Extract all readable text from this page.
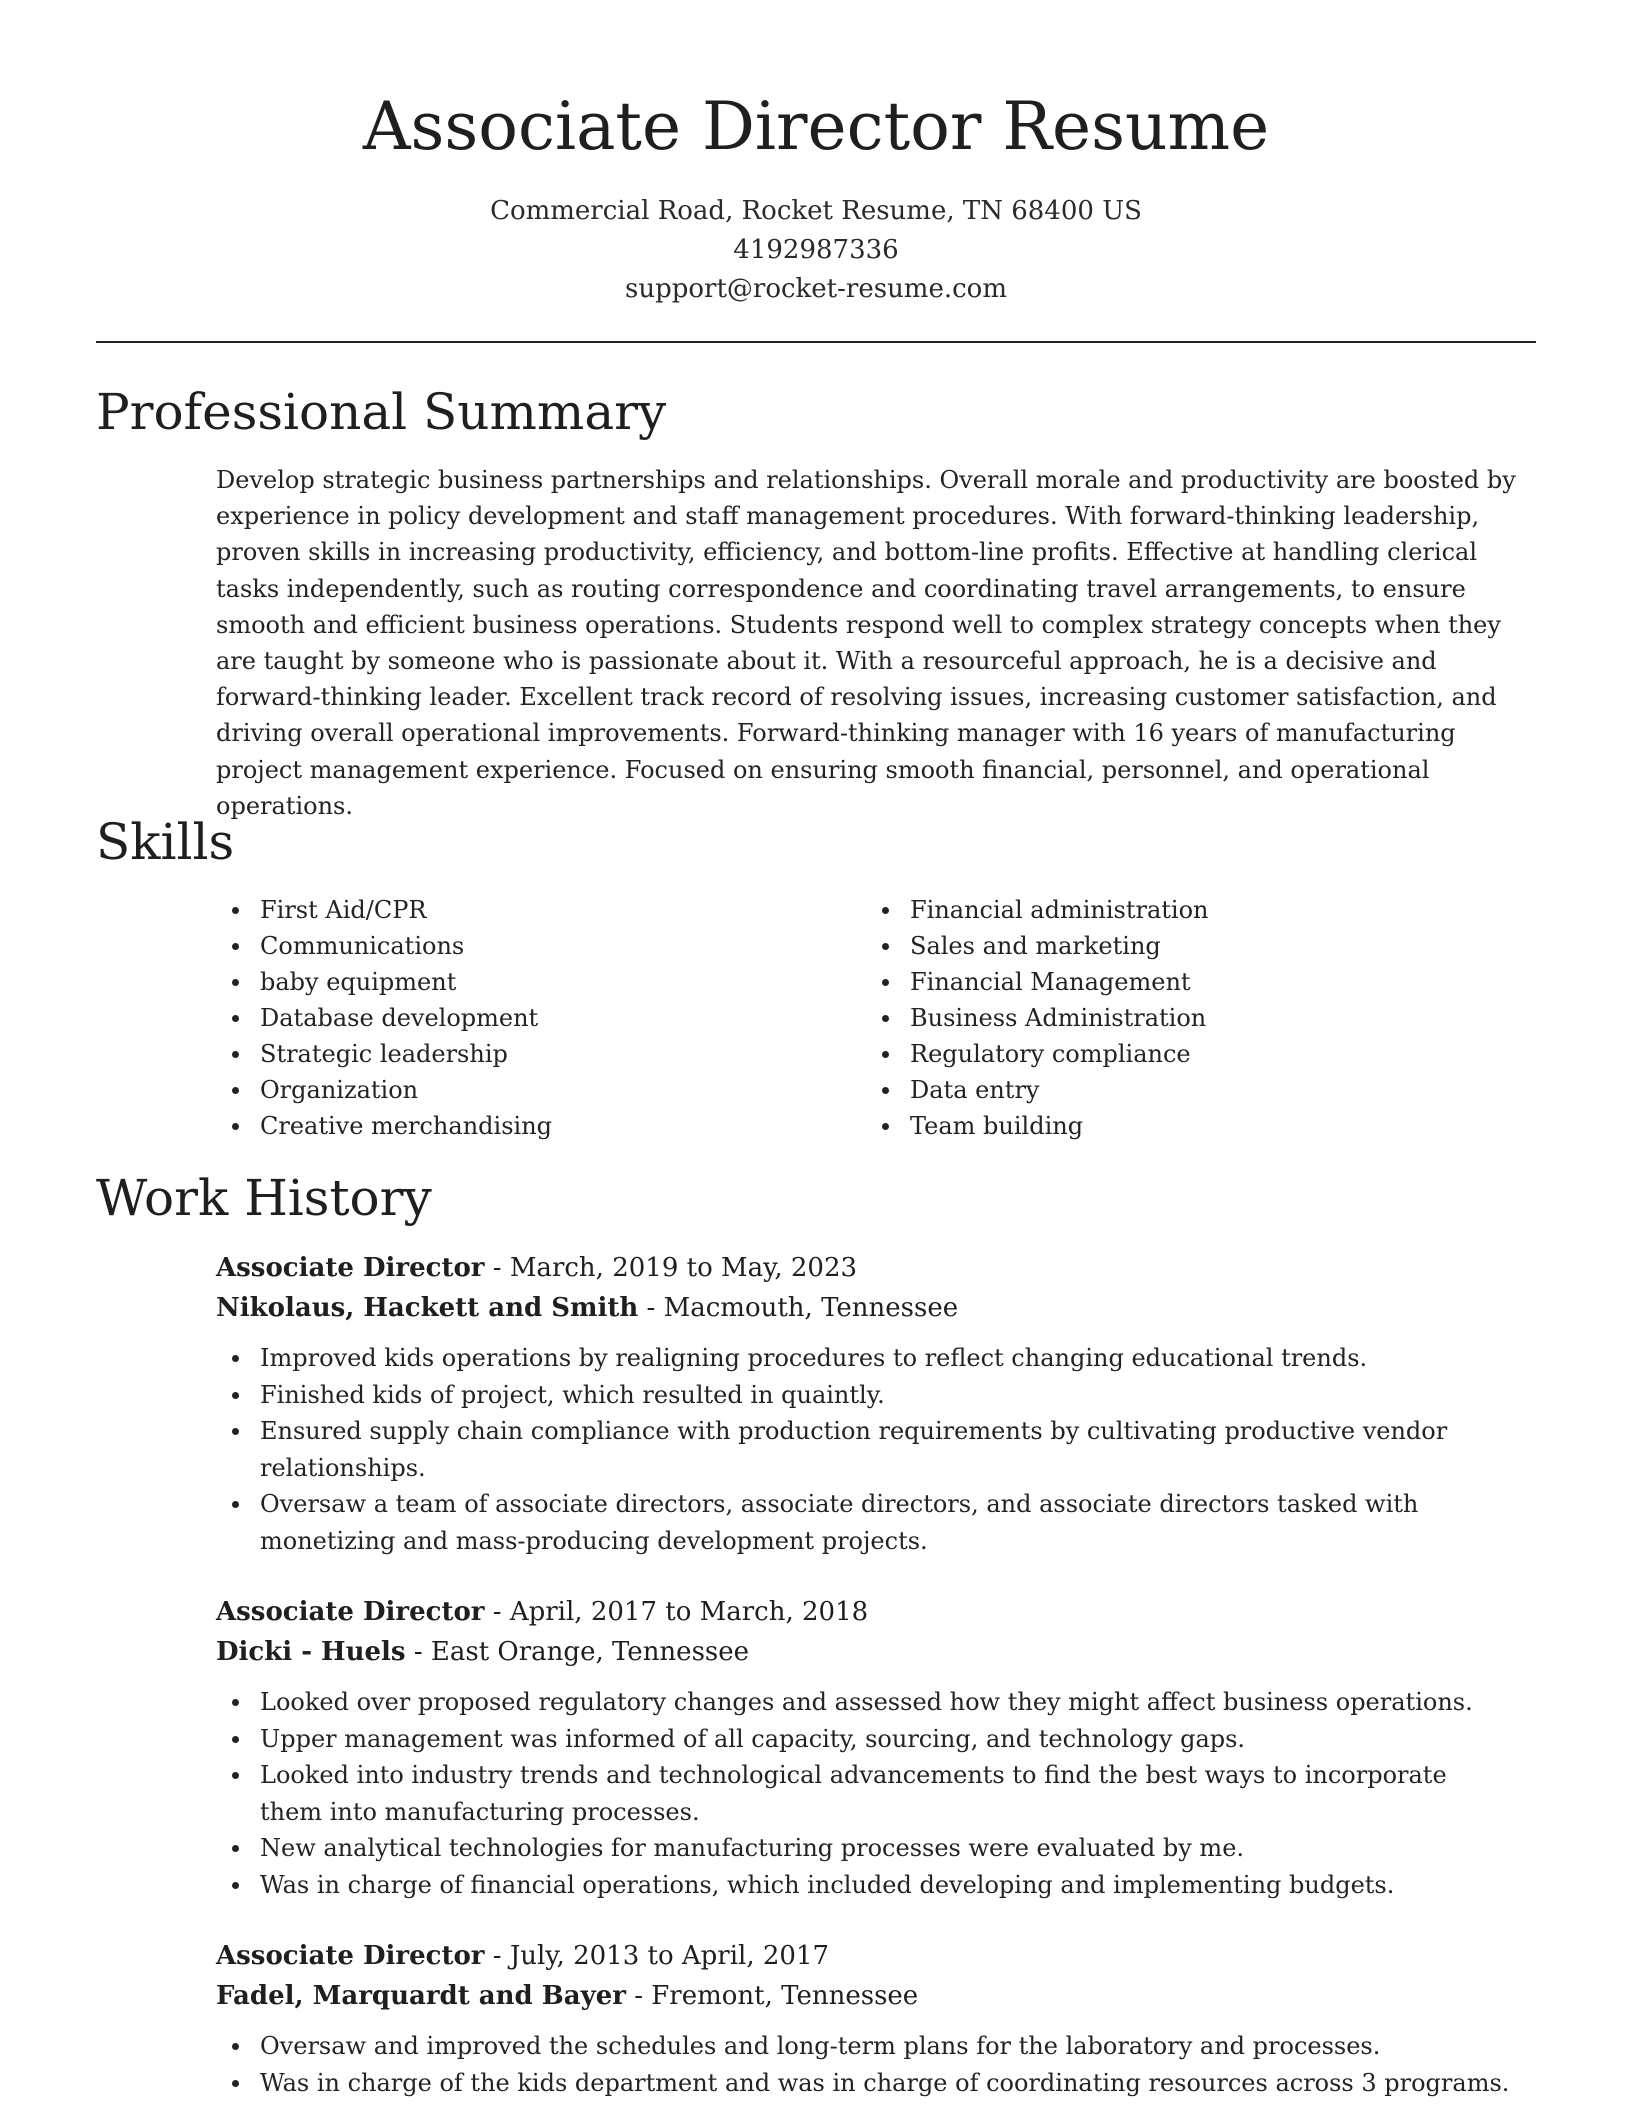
Associate Director Resume
Commercial Road, Rocket Resume, TN 68400 US
4192987336
support@rocket-resume.com
Professional Summary

Develop strategic business partnerships and relationships. Overall morale and productivity are boosted by experience in policy development and staff management procedures. With forward-thinking leadership, proven skills in increasing productivity, efficiency, and bottom-line profits. Effective at handling clerical tasks independently, such as routing correspondence and coordinating travel arrangements, to ensure smooth and efficient business operations. Students respond well to complex strategy concepts when they are taught by someone who is passionate about it. With a resourceful approach, he is a decisive and forward-thinking leader. Excellent track record of resolving issues, increasing customer satisfaction, and driving overall operational improvements. Forward-thinking manager with 16 years of manufacturing project management experience. Focused on ensuring smooth financial, personnel, and operational operations.

Skills
First Aid/CPR
Communications
baby equipment
Database development
Strategic leadership
Organization
Creative merchandising
Financial administration
Sales and marketing
Financial Management
Business Administration
Regulatory compliance
Data entry
Team building
Work History
Associate Director - March, 2019 to May, 2023
Nikolaus, Hackett and Smith - Macmouth, Tennessee
Improved kids operations by realigning procedures to reflect changing educational trends.
Finished kids of project, which resulted in quaintly.
Ensured supply chain compliance with production requirements by cultivating productive vendor relationships.
Oversaw a team of associate directors, associate directors, and associate directors tasked with monetizing and mass-producing development projects.
Associate Director - April, 2017 to March, 2018
Dicki - Huels - East Orange, Tennessee
Looked over proposed regulatory changes and assessed how they might affect business operations.
Upper management was informed of all capacity, sourcing, and technology gaps.
Looked into industry trends and technological advancements to find the best ways to incorporate them into manufacturing processes.
New analytical technologies for manufacturing processes were evaluated by me.
Was in charge of financial operations, which included developing and implementing budgets.
Associate Director - July, 2013 to April, 2017
Fadel, Marquardt and Bayer - Fremont, Tennessee
Oversaw and improved the schedules and long-term plans for the laboratory and processes.
Was in charge of the kids department and was in charge of coordinating resources across 3 programs.
